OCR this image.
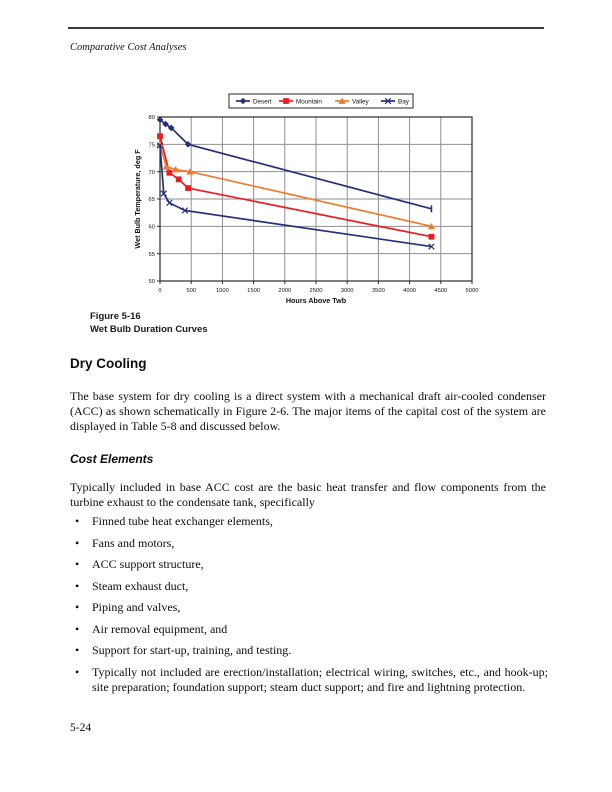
Comparative Cost Analyses
0	500	1000	1500	2000	2500	3000	3500	4000	4500	5000
50
55
60
65
70
75
80
Hours Above Twb
Wet Bulb Temperature, deg F
Desert	Mountain	Valley	Bay
Figure 5-16
Wet Bulb Duration Curves
Dry Cooling
The base system for dry cooling is a direct system with a mechanical draft air-cooled condenser (ACC) as shown schematically in Figure 2-6. The major items of the capital cost of the system are displayed in Table 5-8 and discussed below.
Cost Elements
Typically included in base ACC cost are the basic heat transfer and flow components from the turbine exhaust to the condensate tank, specifically
• Finned tube heat exchanger elements,
• Fans and motors,
• ACC support structure,
• Steam exhaust duct,
• Piping and valves,
• Air removal equipment, and
• Support for start-up, training, and testing.
• Typically not included are erection/installation; electrical wiring, switches, etc., and hook-up; site preparation; foundation support; steam duct support; and fire and lightning protection.
5-24
